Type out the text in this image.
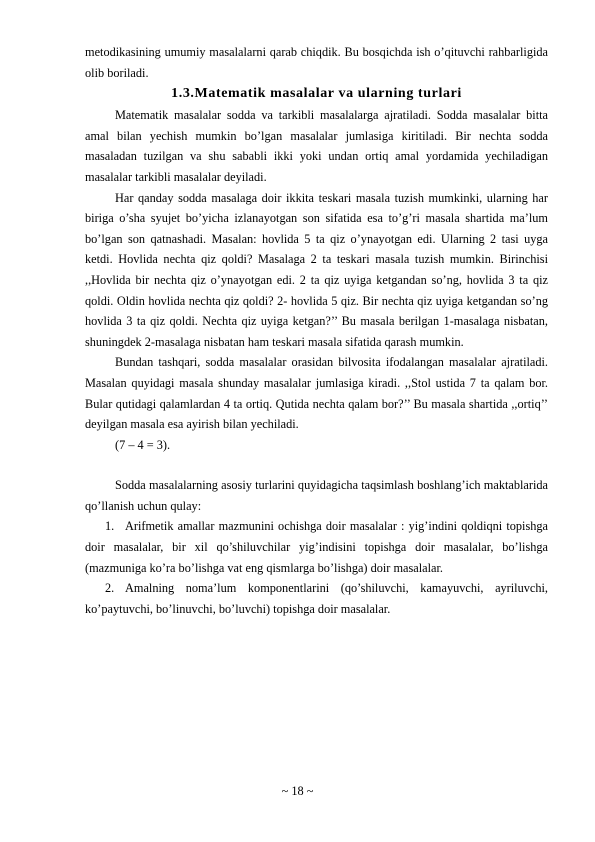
metodikasining umumiy masalalarni qarab chiqdik. Bu bosqichda ish o’qituvchi rahbarligida olib boriladi.

1.3.Matematik masalalar va ularning turlari

Matematik masalalar sodda va tarkibli masalalarga ajratiladi. Sodda masalalar bitta amal bilan yechish mumkin bo’lgan masalalar jumlasiga kiritiladi. Bir nechta sodda masaladan tuzilgan va shu sababli ikki yoki undan ortiq amal yordamida yechiladigan masalalar tarkibli masalalar deyiladi.

Har qanday sodda masalaga doir ikkita teskari masala tuzish mumkinki, ularning har biriga o’sha syujet bo’yicha izlanayotgan son sifatida esa to’g’ri masala shartida ma’lum bo’lgan son qatnashadi. Masalan: hovlida 5 ta qiz o’ynayotgan edi. Ularning 2 tasi uyga ketdi. Hovlida nechta qiz qoldi? Masalaga 2 ta teskari masala tuzish mumkin. Birinchisi ,,Hovlida bir nechta qiz o’ynayotgan edi. 2 ta qiz uyiga ketgandan so’ng, hovlida 3 ta qiz qoldi. Oldin hovlida nechta qiz qoldi? 2- hovlida 5 qiz. Bir nechta qiz uyiga ketgandan so’ng hovlida 3 ta qiz qoldi. Nechta qiz uyiga ketgan?’’ Bu masala berilgan 1-masalaga nisbatan, shuningdek 2-masalaga nisbatan ham teskari masala sifatida qarash mumkin.

Bundan tashqari, sodda masalalar orasidan bilvosita ifodalangan masalalar ajratiladi. Masalan quyidagi masala shunday masalalar jumlasiga kiradi. ,,Stol ustida 7 ta qalam bor. Bular qutidagi qalamlardan 4 ta ortiq. Qutida nechta qalam bor?’’ Bu masala shartida ,,ortiq’’ deyilgan masala esa ayirish bilan yechiladi.

(7 – 4 = 3).

Sodda masalalarning asosiy turlarini quyidagicha taqsimlash boshlang’ich maktablarida qo’llanish uchun qulay:

1. Arifmetik amallar mazmunini ochishga doir masalalar : yig’indini qoldiqni topishga doir masalalar, bir xil qo’shiluvchilar yig’indisini topishga doir masalalar, bo’lishga (mazmuniga ko’ra bo’lishga vat eng qismlarga bo’lishga) doir masalalar.

2. Amalning noma’lum komponentlarini (qo’shiluvchi, kamayuvchi, ayriluvchi, ko’paytuvchi, bo’linuvchi, bo’luvchi) topishga doir masalalar.

~ 18 ~
